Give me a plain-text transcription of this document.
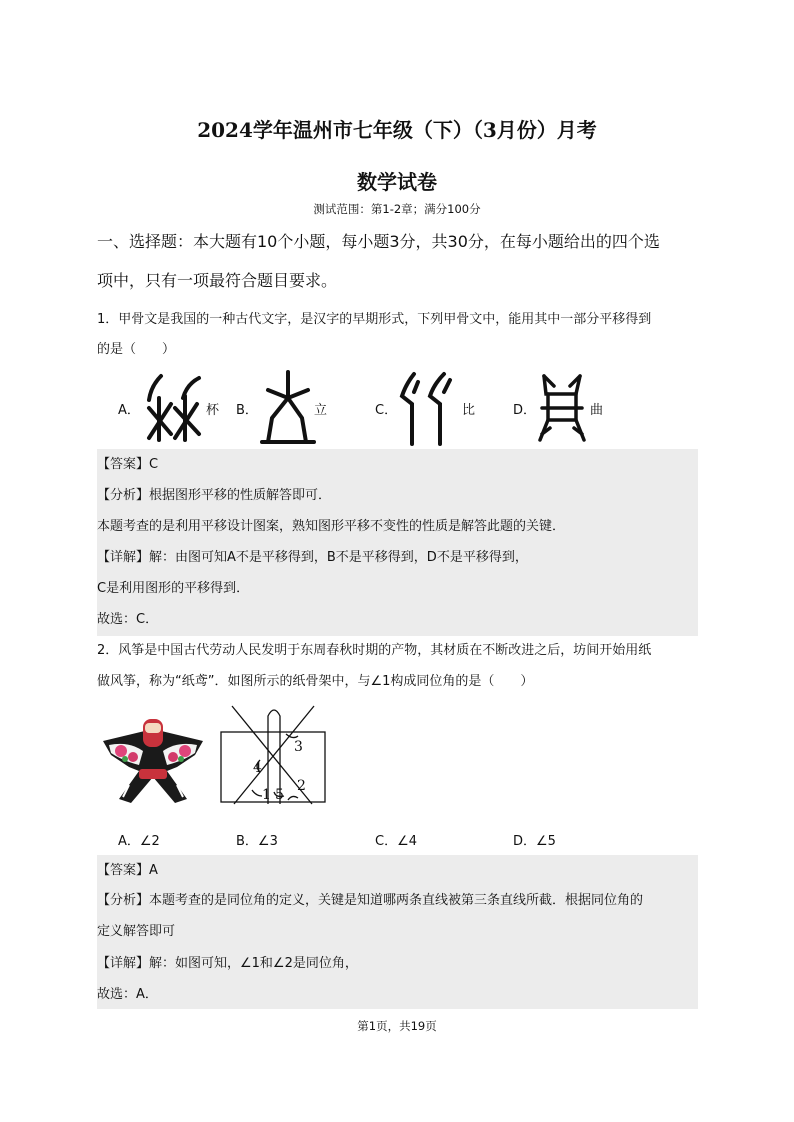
2024学年温州市七年级（下）（3月份）月考
数学试卷
测试范围：第1-2章；满分100分
一、选择题：本大题有10个小题，每小题3分，共30分，在每小题给出的四个选
项中，只有一项最符合题目要求。
1．甲骨文是我国的一种古代文字，是汉字的早期形式，下列甲骨文中，能用其中一部分平移得到
的是（　　）
A．	杯 B．	立	C．	比	D．	曲
【答案】C
【分析】根据图形平移的性质解答即可．
本题考查的是利用平移设计图案，熟知图形平移不变性的性质是解答此题的关键．
【详解】解：由图可知A不是平移得到，B不是平移得到，D不是平移得到，
C是利用图形的平移得到．
故选：C．
2．风筝是中国古代劳动人民发明于东周春秋时期的产物，其材质在不断改进之后，坊间开始用纸
做风筝，称为“纸鸢”．如图所示的纸骨架中，与∠1构成同位角的是（　　）
3
4
1 5
2
A．∠2	B．∠3	C．∠4	D．∠5
【答案】A
【分析】本题考查的是同位角的定义，关键是知道哪两条直线被第三条直线所截．根据同位角的
定义解答即可
【详解】解：如图可知，∠1和∠2是同位角，
故选：A．
第1页，共19页
